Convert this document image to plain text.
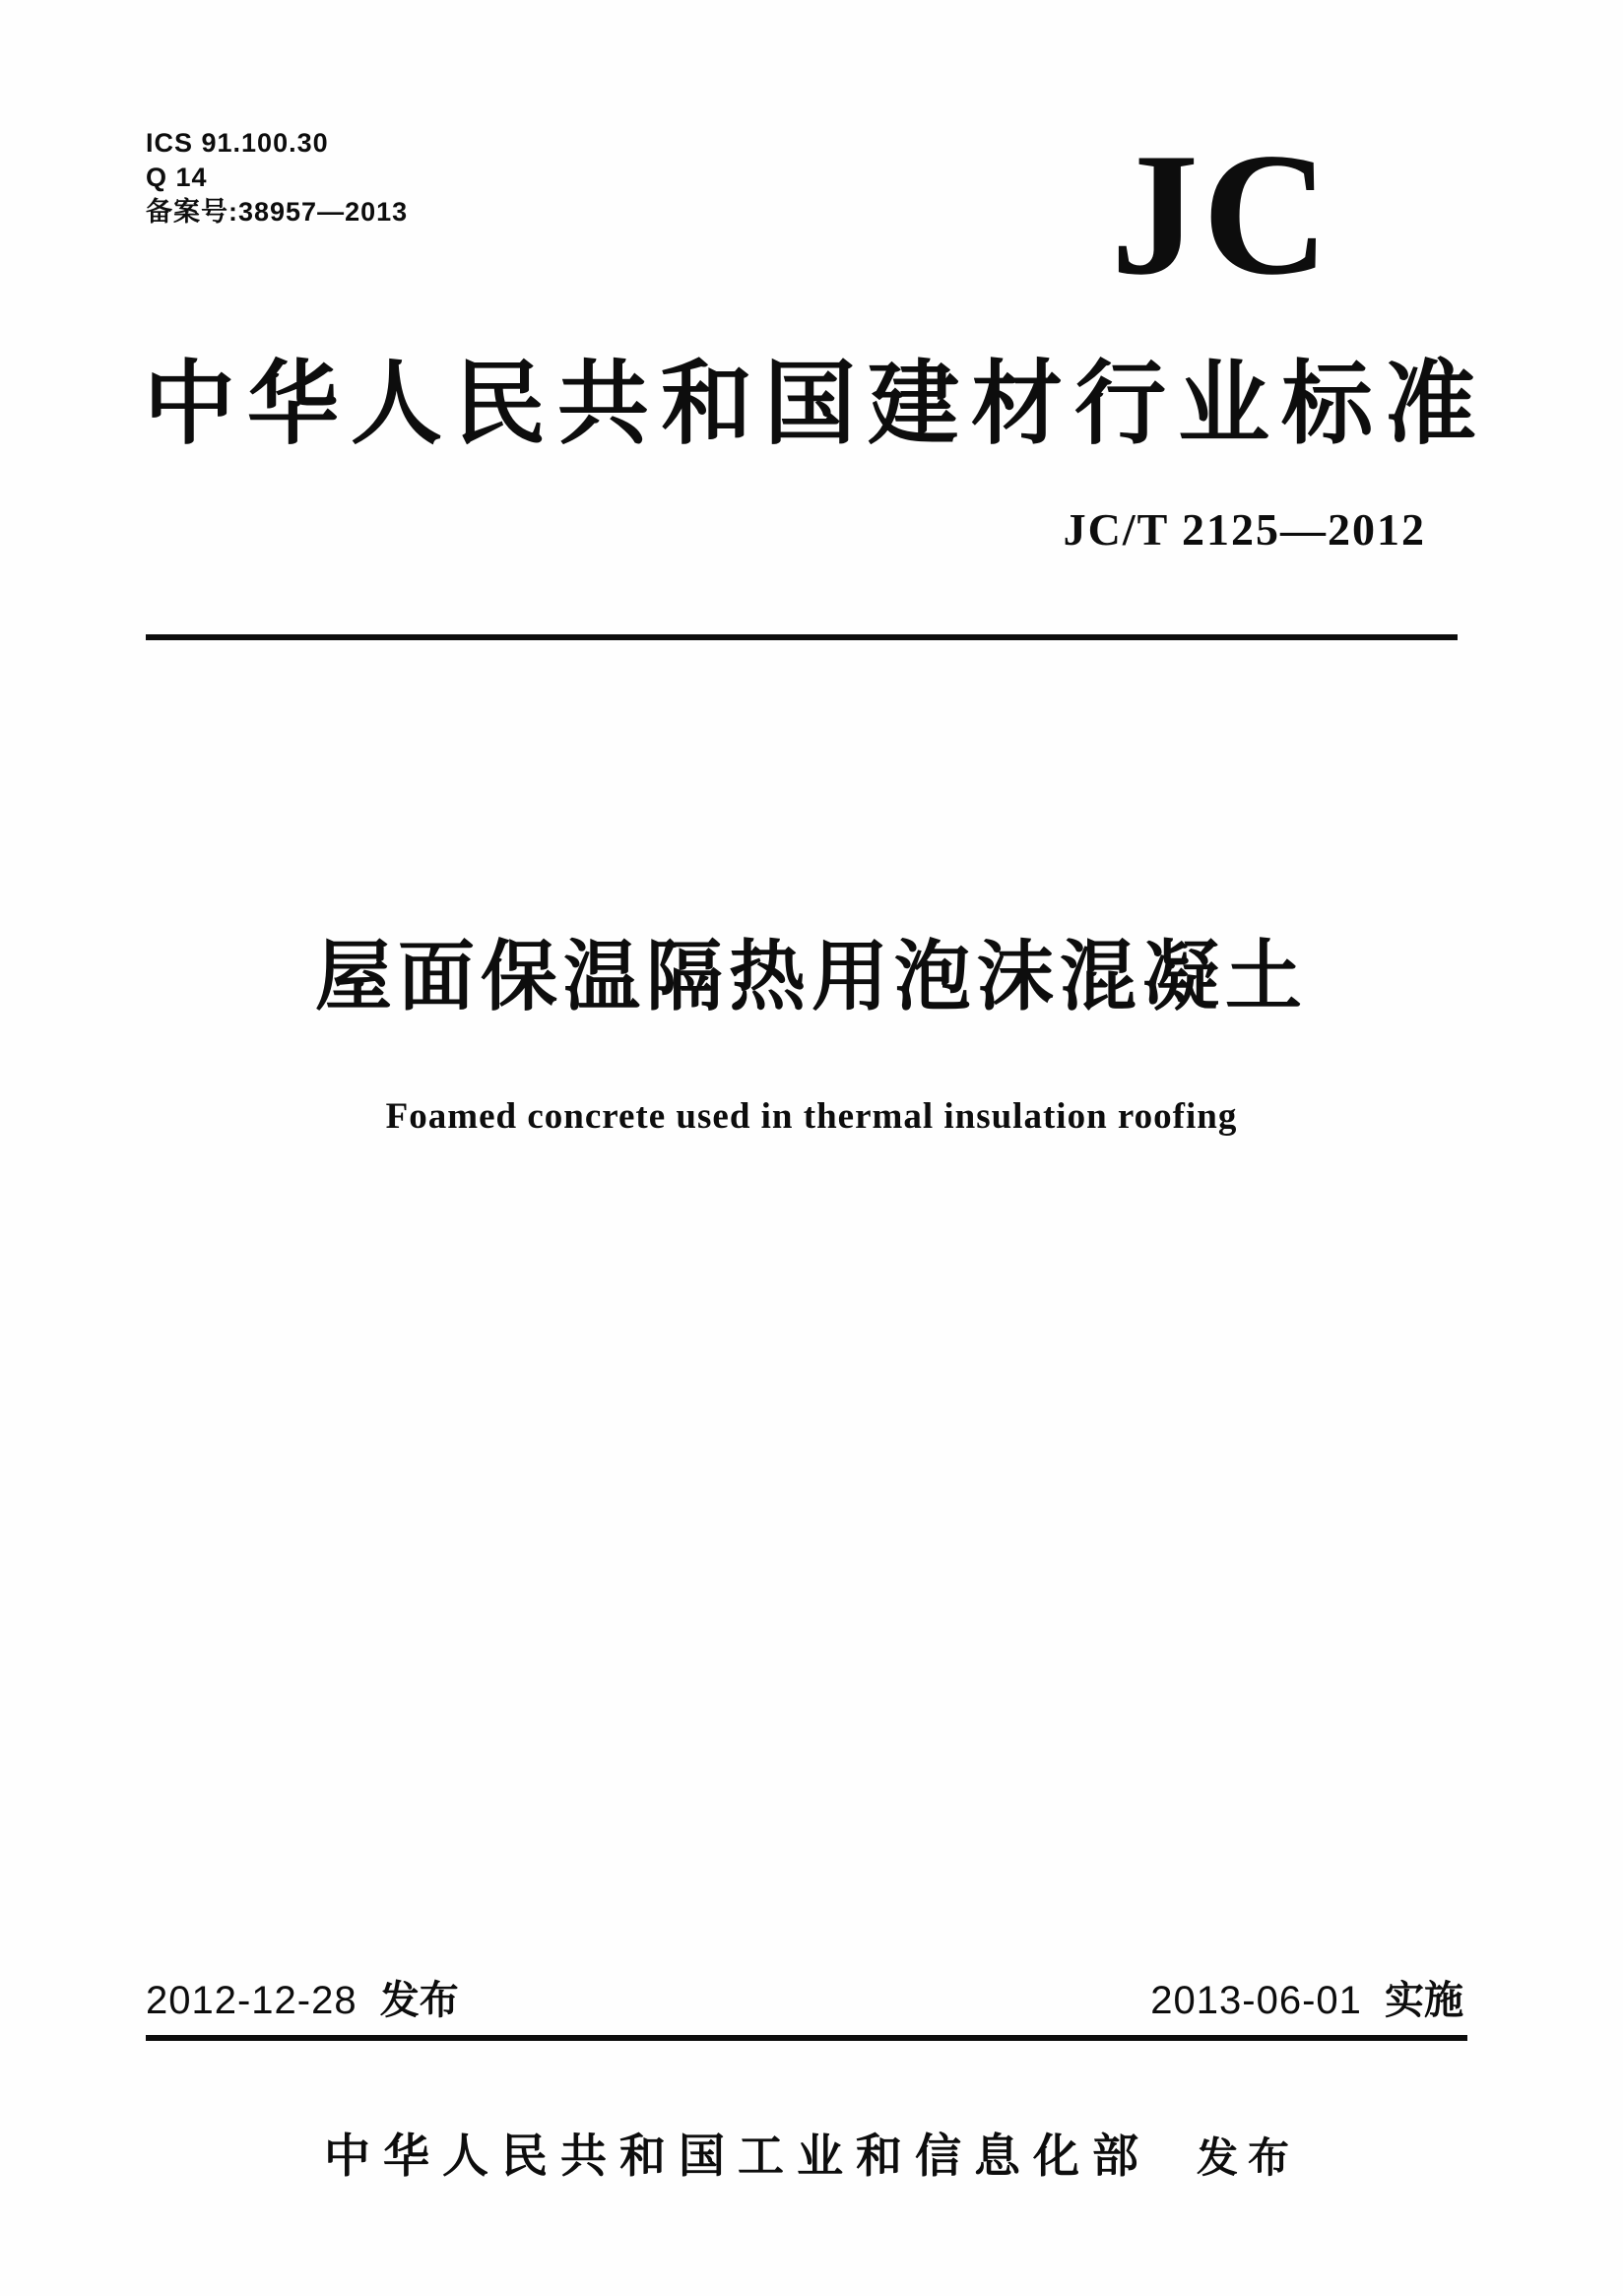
ICS 91.100.30
Q 14
备案号:38957—2013	JC
中华人民共和国建材行业标准
JC/T 2125—2012
屋面保温隔热用泡沫混凝土
Foamed concrete used in thermal insulation roofing
2012-12-28 发布	2013-06-01 实施
中华人民共和国工业和信息化部 发布
